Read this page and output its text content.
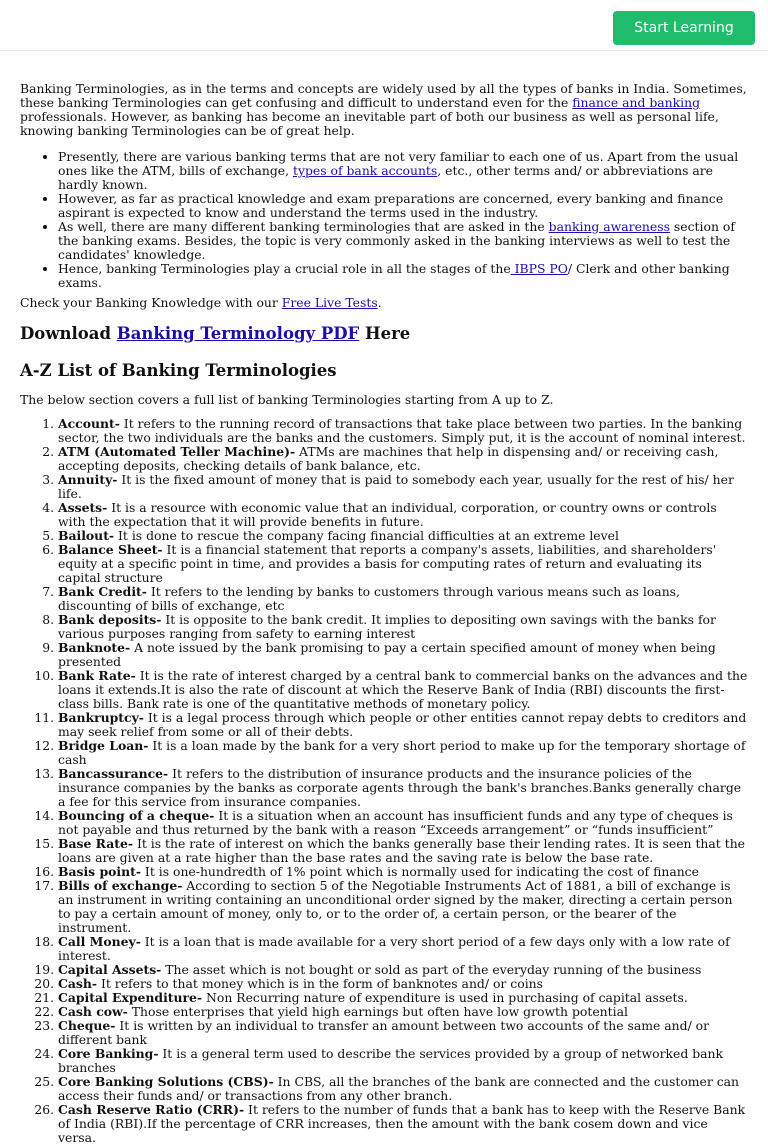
Start Learning

Banking Terminologies, as in the terms and concepts are widely used by all the types of banks in India. Sometimes, these banking Terminologies can get confusing and difficult to understand even for the finance and banking professionals. However, as banking has become an inevitable part of both our business as well as personal life, knowing banking Terminologies can be of great help.

• Presently, there are various banking terms that are not very familiar to each one of us. Apart from the usual ones like the ATM, bills of exchange, types of bank accounts, etc., other terms and/ or abbreviations are hardly known.
• However, as far as practical knowledge and exam preparations are concerned, every banking and finance aspirant is expected to know and understand the terms used in the industry.
• As well, there are many different banking terminologies that are asked in the banking awareness section of the banking exams. Besides, the topic is very commonly asked in the banking interviews as well to test the candidates' knowledge.
• Hence, banking Terminologies play a crucial role in all the stages of the IBPS PO/ Clerk and other banking exams.

Check your Banking Knowledge with our Free Live Tests.

Download Banking Terminology PDF Here
A-Z List of Banking Terminologies

The below section covers a full list of banking Terminologies starting from A up to Z.

1. Account- It refers to the running record of transactions that take place between two parties. In the banking sector, the two individuals are the banks and the customers. Simply put, it is the account of nominal interest.
2. ATM (Automated Teller Machine)- ATMs are machines that help in dispensing and/ or receiving cash, accepting deposits, checking details of bank balance, etc.
3. Annuity- It is the fixed amount of money that is paid to somebody each year, usually for the rest of his/ her life.
4. Assets- It is a resource with economic value that an individual, corporation, or country owns or controls with the expectation that it will provide benefits in future.
5. Bailout- It is done to rescue the company facing financial difficulties at an extreme level
6. Balance Sheet- It is a financial statement that reports a company's assets, liabilities, and shareholders' equity at a specific point in time, and provides a basis for computing rates of return and evaluating its capital structure
7. Bank Credit- It refers to the lending by banks to customers through various means such as loans, discounting of bills of exchange, etc
8. Bank deposits- It is opposite to the bank credit. It implies to depositing own savings with the banks for various purposes ranging from safety to earning interest
9. Banknote- A note issued by the bank promising to pay a certain specified amount of money when being presented
10. Bank Rate- It is the rate of interest charged by a central bank to commercial banks on the advances and the loans it extends.It is also the rate of discount at which the Reserve Bank of India (RBI) discounts the first-class bills. Bank rate is one of the quantitative methods of monetary policy.
11. Bankruptcy- It is a legal process through which people or other entities cannot repay debts to creditors and may seek relief from some or all of their debts.
12. Bridge Loan- It is a loan made by the bank for a very short period to make up for the temporary shortage of cash
13. Bancassurance- It refers to the distribution of insurance products and the insurance policies of the insurance companies by the banks as corporate agents through the bank's branches.Banks generally charge a fee for this service from insurance companies.
14. Bouncing of a cheque- It is a situation when an account has insufficient funds and any type of cheques is not payable and thus returned by the bank with a reason “Exceeds arrangement” or “funds insufficient”
15. Base Rate- It is the rate of interest on which the banks generally base their lending rates. It is seen that the loans are given at a rate higher than the base rates and the saving rate is below the base rate.
16. Basis point- It is one-hundredth of 1% point which is normally used for indicating the cost of finance
17. Bills of exchange- According to section 5 of the Negotiable Instruments Act of 1881, a bill of exchange is an instrument in writing containing an unconditional order signed by the maker, directing a certain person to pay a certain amount of money, only to, or to the order of, a certain person, or the bearer of the instrument.
18. Call Money- It is a loan that is made available for a very short period of a few days only with a low rate of interest.
19. Capital Assets- The asset which is not bought or sold as part of the everyday running of the business
20. Cash- It refers to that money which is in the form of banknotes and/ or coins
21. Capital Expenditure- Non Recurring nature of expenditure is used in purchasing of capital assets.
22. Cash cow- Those enterprises that yield high earnings but often have low growth potential
23. Cheque- It is written by an individual to transfer an amount between two accounts of the same and/ or different bank
24. Core Banking- It is a general term used to describe the services provided by a group of networked bank branches
25. Core Banking Solutions (CBS)- In CBS, all the branches of the bank are connected and the customer can access their funds and/ or transactions from any other branch.
26. Cash Reserve Ratio (CRR)- It refers to the number of funds that a bank has to keep with the Reserve Bank of India (RBI).If the percentage of CRR increases, then the amount with the bank cosem down and vice versa.
